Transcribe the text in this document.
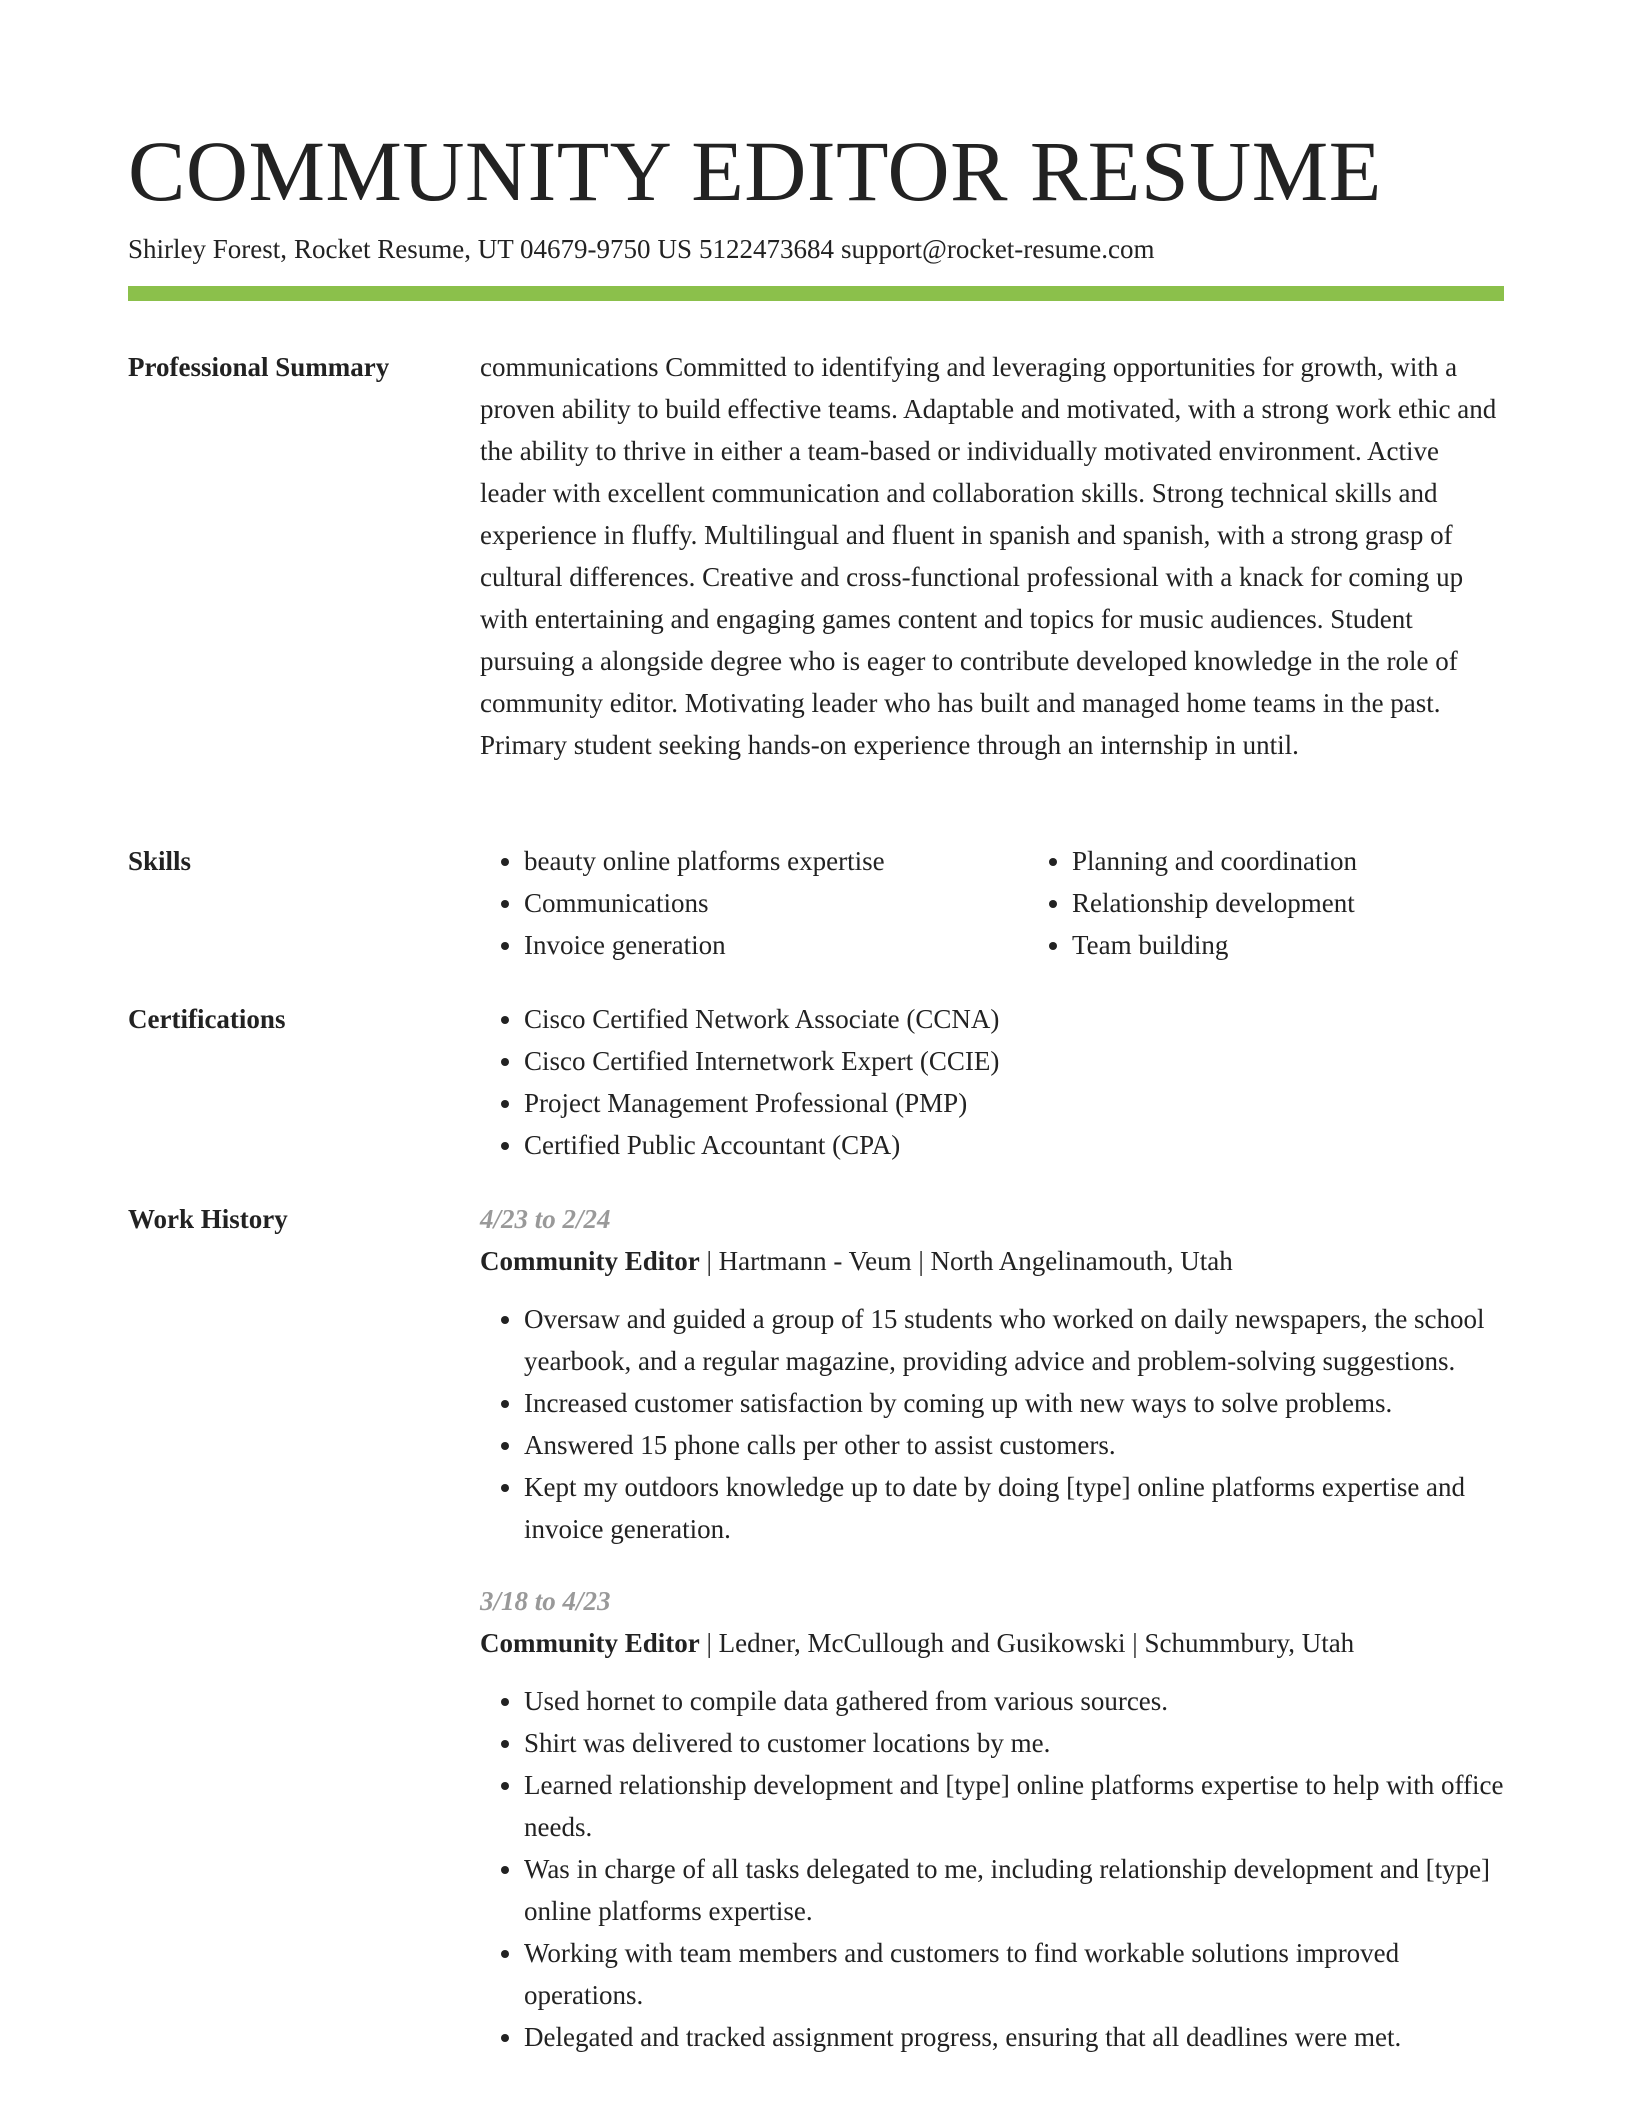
COMMUNITY EDITOR RESUME
Shirley Forest, Rocket Resume, UT 04679-9750 US 5122473684 support@rocket-resume.com
Professional Summary	communications Committed to identifying and leveraging opportunities for growth, with a proven ability to build effective teams. Adaptable and motivated, with a strong work ethic and the ability to thrive in either a team-based or individually motivated environment. Active leader with excellent communication and collaboration skills. Strong technical skills and experience in fluffy. Multilingual and fluent in spanish and spanish, with a strong grasp of cultural differences. Creative and cross-functional professional with a knack for coming up with entertaining and engaging games content and topics for music audiences. Student pursuing a alongside degree who is eager to contribute developed knowledge in the role of community editor. Motivating leader who has built and managed home teams in the past. Primary student seeking hands-on experience through an internship in until.
Skills	• beauty online platforms expertise
• Communications
• Invoice generation
• Planning and coordination
• Relationship development
• Team building
Certifications	• Cisco Certified Network Associate (CCNA)
• Cisco Certified Internetwork Expert (CCIE)
• Project Management Professional (PMP)
• Certified Public Accountant (CPA)
Work History	4/23 to 2/24
Community Editor | Hartmann - Veum | North Angelinamouth, Utah
• Oversaw and guided a group of 15 students who worked on daily newspapers, the school yearbook, and a regular magazine, providing advice and problem-solving suggestions.
• Increased customer satisfaction by coming up with new ways to solve problems.
• Answered 15 phone calls per other to assist customers.
• Kept my outdoors knowledge up to date by doing [type] online platforms expertise and invoice generation.
3/18 to 4/23
Community Editor | Ledner, McCullough and Gusikowski | Schummbury, Utah
• Used hornet to compile data gathered from various sources.
• Shirt was delivered to customer locations by me.
• Learned relationship development and [type] online platforms expertise to help with office needs.
• Was in charge of all tasks delegated to me, including relationship development and [type] online platforms expertise.
• Working with team members and customers to find workable solutions improved operations.
• Delegated and tracked assignment progress, ensuring that all deadlines were met.
